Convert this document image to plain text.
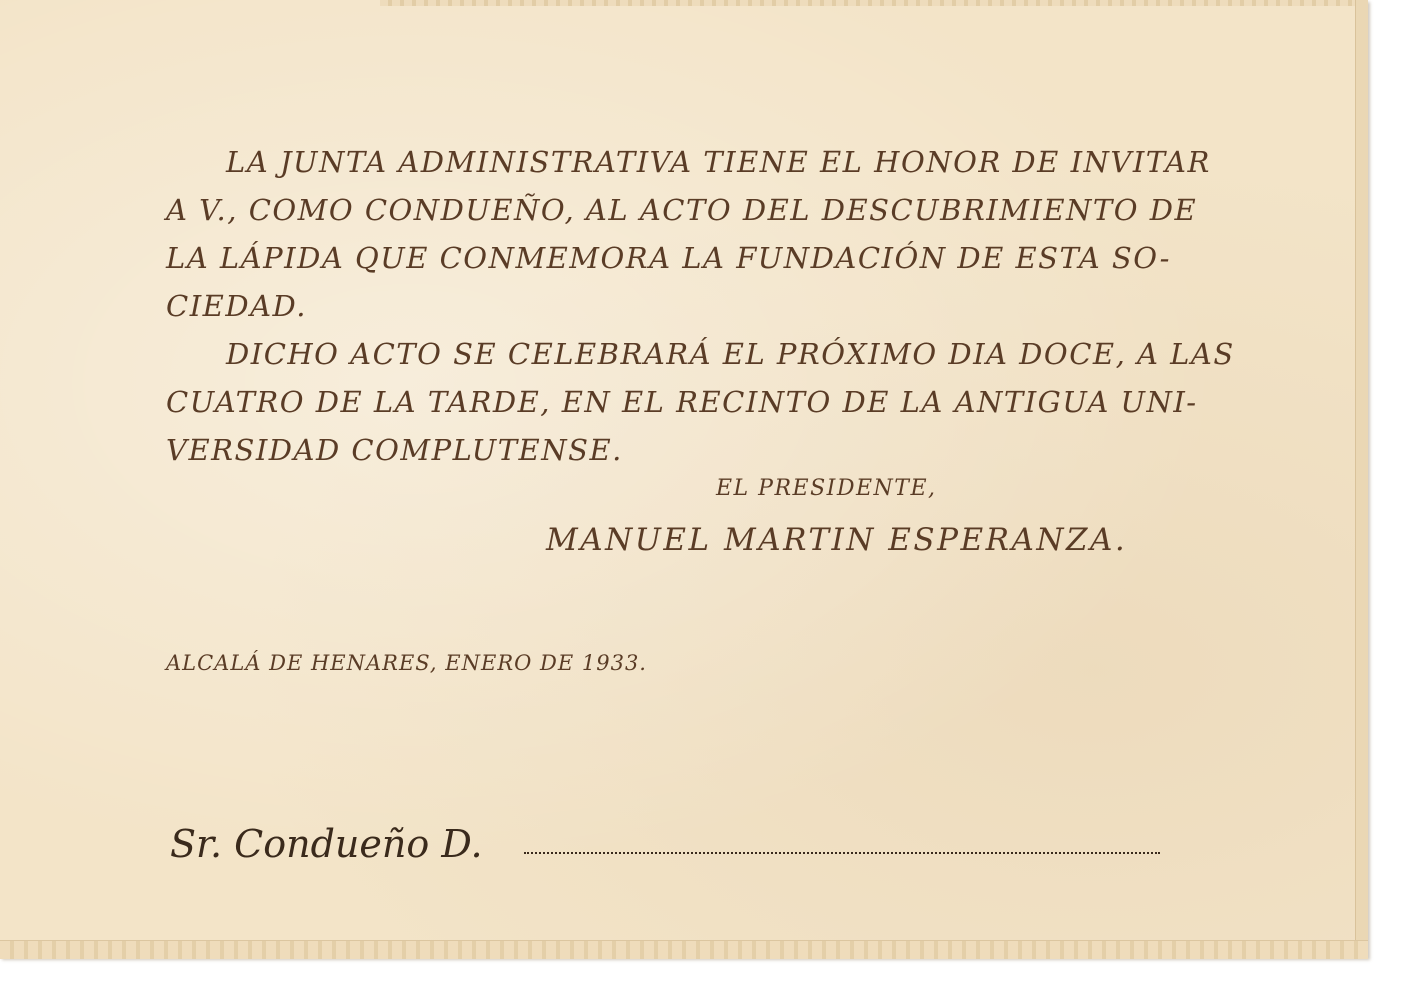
LA JUNTA ADMINISTRATIVA TIENE EL HONOR DE INVITAR
A V., COMO CONDUEÑO, AL ACTO DEL DESCUBRIMIENTO DE
LA LÁPIDA QUE CONMEMORA LA FUNDACIÓN DE ESTA SO-
CIEDAD.
DICHO ACTO SE CELEBRARÁ EL PRÓXIMO DIA DOCE, A LAS
CUATRO DE LA TARDE, EN EL RECINTO DE LA ANTIGUA UNI-
VERSIDAD COMPLUTENSE.
EL PRESIDENTE,
MANUEL MARTIN ESPERANZA.
ALCALÁ DE HENARES, ENERO DE 1933.
Sr. Condueño D.
